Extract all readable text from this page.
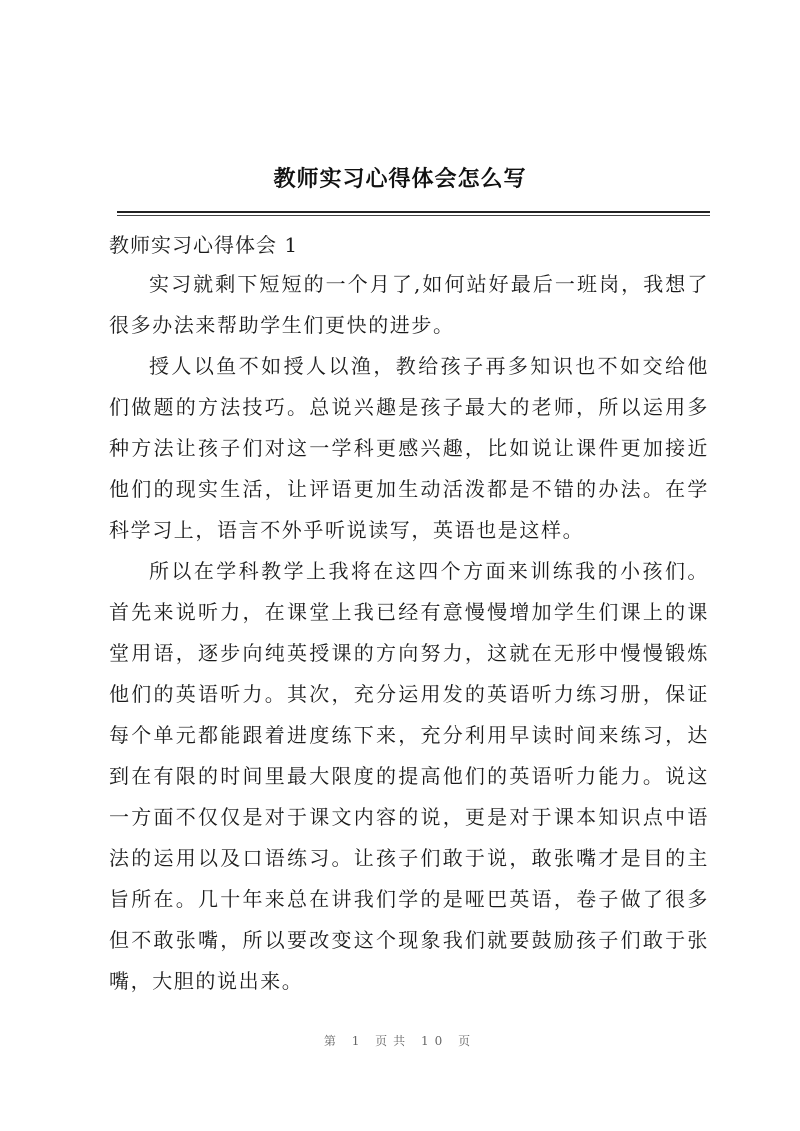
教师实习心得体会怎么写

教师实习心得体会 1

实习就剩下短短的一个月了,如何站好最后一班岗，我想了很多办法来帮助学生们更快的进步。

授人以鱼不如授人以渔，教给孩子再多知识也不如交给他们做题的方法技巧。总说兴趣是孩子最大的老师，所以运用多种方法让孩子们对这一学科更感兴趣，比如说让课件更加接近他们的现实生活，让评语更加生动活泼都是不错的办法。在学科学习上，语言不外乎听说读写，英语也是这样。

所以在学科教学上我将在这四个方面来训练我的小孩们。首先来说听力，在课堂上我已经有意慢慢增加学生们课上的课堂用语，逐步向纯英授课的方向努力，这就在无形中慢慢锻炼他们的英语听力。其次，充分运用发的英语听力练习册，保证每个单元都能跟着进度练下来，充分利用早读时间来练习，达到在有限的时间里最大限度的提高他们的英语听力能力。说这一方面不仅仅是对于课文内容的说，更是对于课本知识点中语法的运用以及口语练习。让孩子们敢于说，敢张嘴才是目的主旨所在。几十年来总在讲我们学的是哑巴英语，卷子做了很多但不敢张嘴，所以要改变这个现象我们就要鼓励孩子们敢于张嘴，大胆的说出来。

第 1 页共 10 页
